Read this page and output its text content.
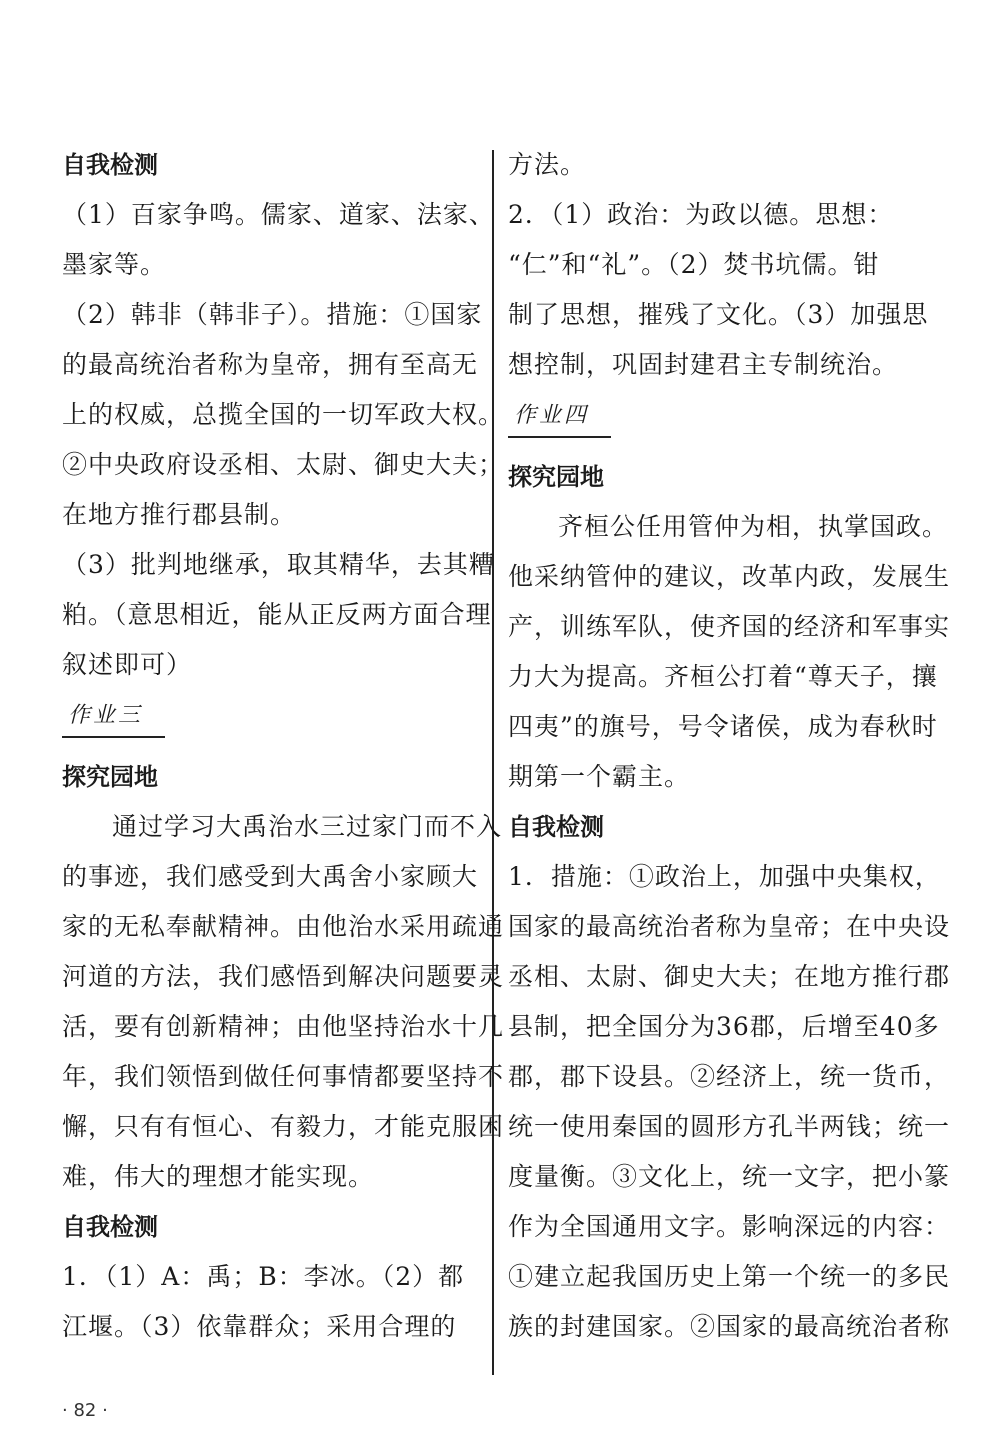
自我检测
（1）百家争鸣。儒家、道家、法家、
墨家等。
（2）韩非（韩非子）。措施：①国家
的最高统治者称为皇帝，拥有至高无
上的权威，总揽全国的一切军政大权。
②中央政府设丞相、太尉、御史大夫；
在地方推行郡县制。
（3）批判地继承，取其精华，去其糟
粕。（意思相近，能从正反两方面合理
叙述即可）
作业三
探究园地
通过学习大禹治水三过家门而不入
的事迹，我们感受到大禹舍小家顾大
家的无私奉献精神。由他治水采用疏通
河道的方法，我们感悟到解决问题要灵
活，要有创新精神；由他坚持治水十几
年，我们领悟到做任何事情都要坚持不
懈，只有有恒心、有毅力，才能克服困
难，伟大的理想才能实现。
自我检测
1．（1）A：禹；B：李冰。（2）都
江堰。（3）依靠群众；采用合理的
方法。
2．（1）政治：为政以德。思想：
“仁”和“礼”。（2）焚书坑儒。钳
制了思想，摧残了文化。（3）加强思
想控制，巩固封建君主专制统治。
作业四
探究园地
齐桓公任用管仲为相，执掌国政。
他采纳管仲的建议，改革内政，发展生
产，训练军队，使齐国的经济和军事实
力大为提高。齐桓公打着“尊天子，攘
四夷”的旗号，号令诸侯，成为春秋时
期第一个霸主。
自我检测
1．措施：①政治上，加强中央集权，
国家的最高统治者称为皇帝；在中央设
丞相、太尉、御史大夫；在地方推行郡
县制，把全国分为36郡，后增至40多
郡，郡下设县。②经济上，统一货币，
统一使用秦国的圆形方孔半两钱；统一
度量衡。③文化上，统一文字，把小篆
作为全国通用文字。影响深远的内容：
①建立起我国历史上第一个统一的多民
族的封建国家。②国家的最高统治者称
· 82 ·
